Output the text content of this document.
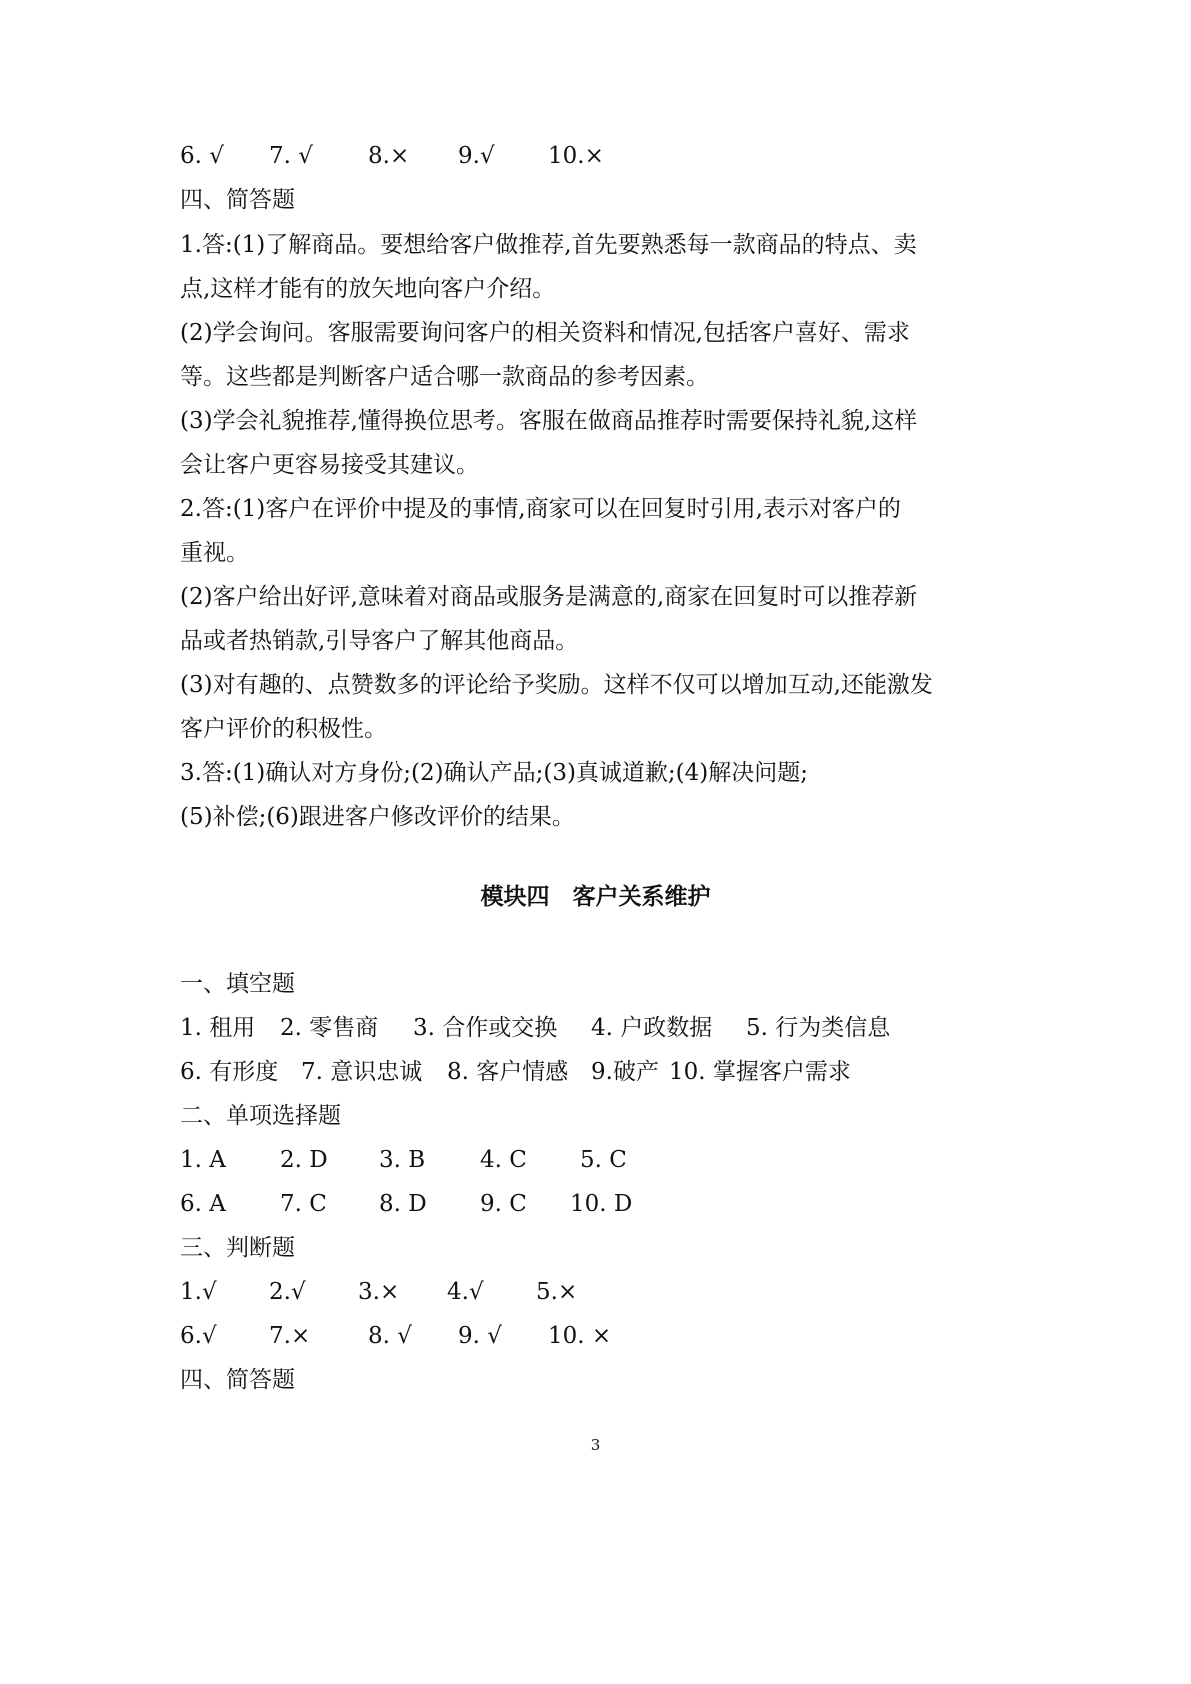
6. √ 7. √ 8.× 9.√ 10.×
四、简答题
1.答:(1)了解商品。要想给客户做推荐,首先要熟悉每一款商品的特点、卖
点,这样才能有的放矢地向客户介绍。
(2)学会询问。客服需要询问客户的相关资料和情况,包括客户喜好、需求
等。这些都是判断客户适合哪一款商品的参考因素。
(3)学会礼貌推荐,懂得换位思考。客服在做商品推荐时需要保持礼貌,这样
会让客户更容易接受其建议。
2.答:(1)客户在评价中提及的事情,商家可以在回复时引用,表示对客户的
重视。
(2)客户给出好评,意味着对商品或服务是满意的,商家在回复时可以推荐新
品或者热销款,引导客户了解其他商品。
(3)对有趣的、点赞数多的评论给予奖励。这样不仅可以增加互动,还能激发
客户评价的积极性。
3.答:(1)确认对方身份;(2)确认产品;(3)真诚道歉;(4)解决问题;
(5)补偿;(6)跟进客户修改评价的结果。
模块四　客户关系维护
一、填空题
1. 租用 2. 零售商 3. 合作或交换 4. 户政数据 5. 行为类信息
6. 有形度 7. 意识忠诚 8. 客户情感 9.破产 10. 掌握客户需求
二、单项选择题
1. A 2. D 3. B 4. C 5. C
6. A 7. C 8. D 9. C 10. D
三、判断题
1.√ 2.√ 3.× 4.√ 5.×
6.√ 7.×	8. √ 9. √ 10. ×
四、简答题
3
